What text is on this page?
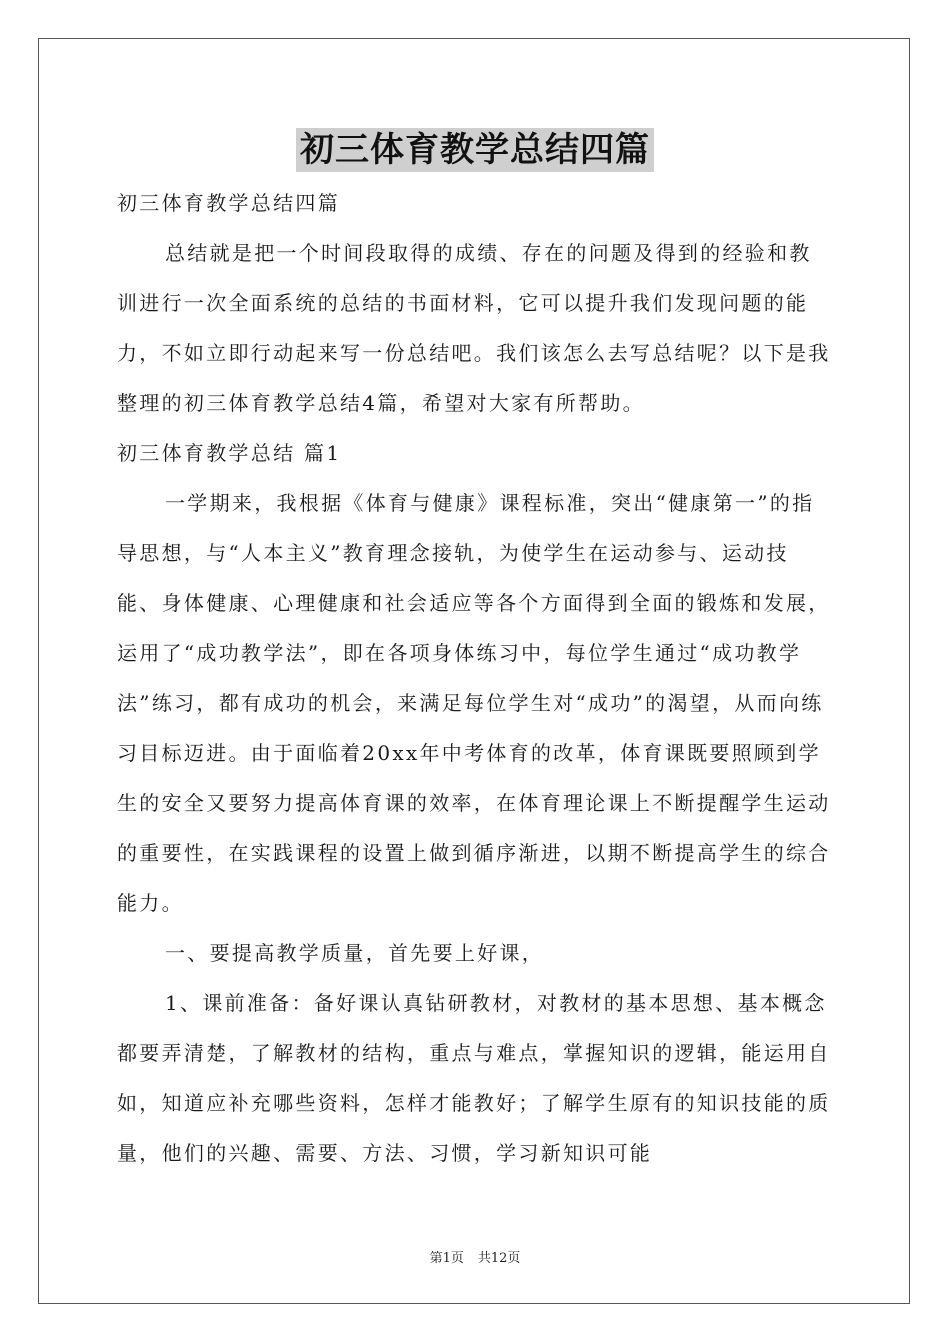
初三体育教学总结四篇

初三体育教学总结四篇

总结就是把一个时间段取得的成绩、存在的问题及得到的经验和教训进行一次全面系统的总结的书面材料，它可以提升我们发现问题的能力，不如立即行动起来写一份总结吧。我们该怎么去写总结呢？以下是我整理的初三体育教学总结4篇，希望对大家有所帮助。

初三体育教学总结 篇1

一学期来，我根据《体育与健康》课程标准，突出“健康第一”的指导思想，与“人本主义”教育理念接轨，为使学生在运动参与、运动技能、身体健康、心理健康和社会适应等各个方面得到全面的锻炼和发展，运用了“成功教学法”，即在各项身体练习中，每位学生通过“成功教学法”练习，都有成功的机会，来满足每位学生对“成功”的渴望，从而向练习目标迈进。由于面临着20xx年中考体育的改革，体育课既要照顾到学生的安全又要努力提高体育课的效率，在体育理论课上不断提醒学生运动的重要性，在实践课程的设置上做到循序渐进，以期不断提高学生的综合能力。

一、要提高教学质量，首先要上好课，

1、课前准备：备好课认真钻研教材，对教材的基本思想、基本概念都要弄清楚，了解教材的结构，重点与难点，掌握知识的逻辑，能运用自如，知道应补充哪些资料，怎样才能教好；了解学生原有的知识技能的质量，他们的兴趣、需要、方法、习惯，学习新知识可能

第1页 共12页
